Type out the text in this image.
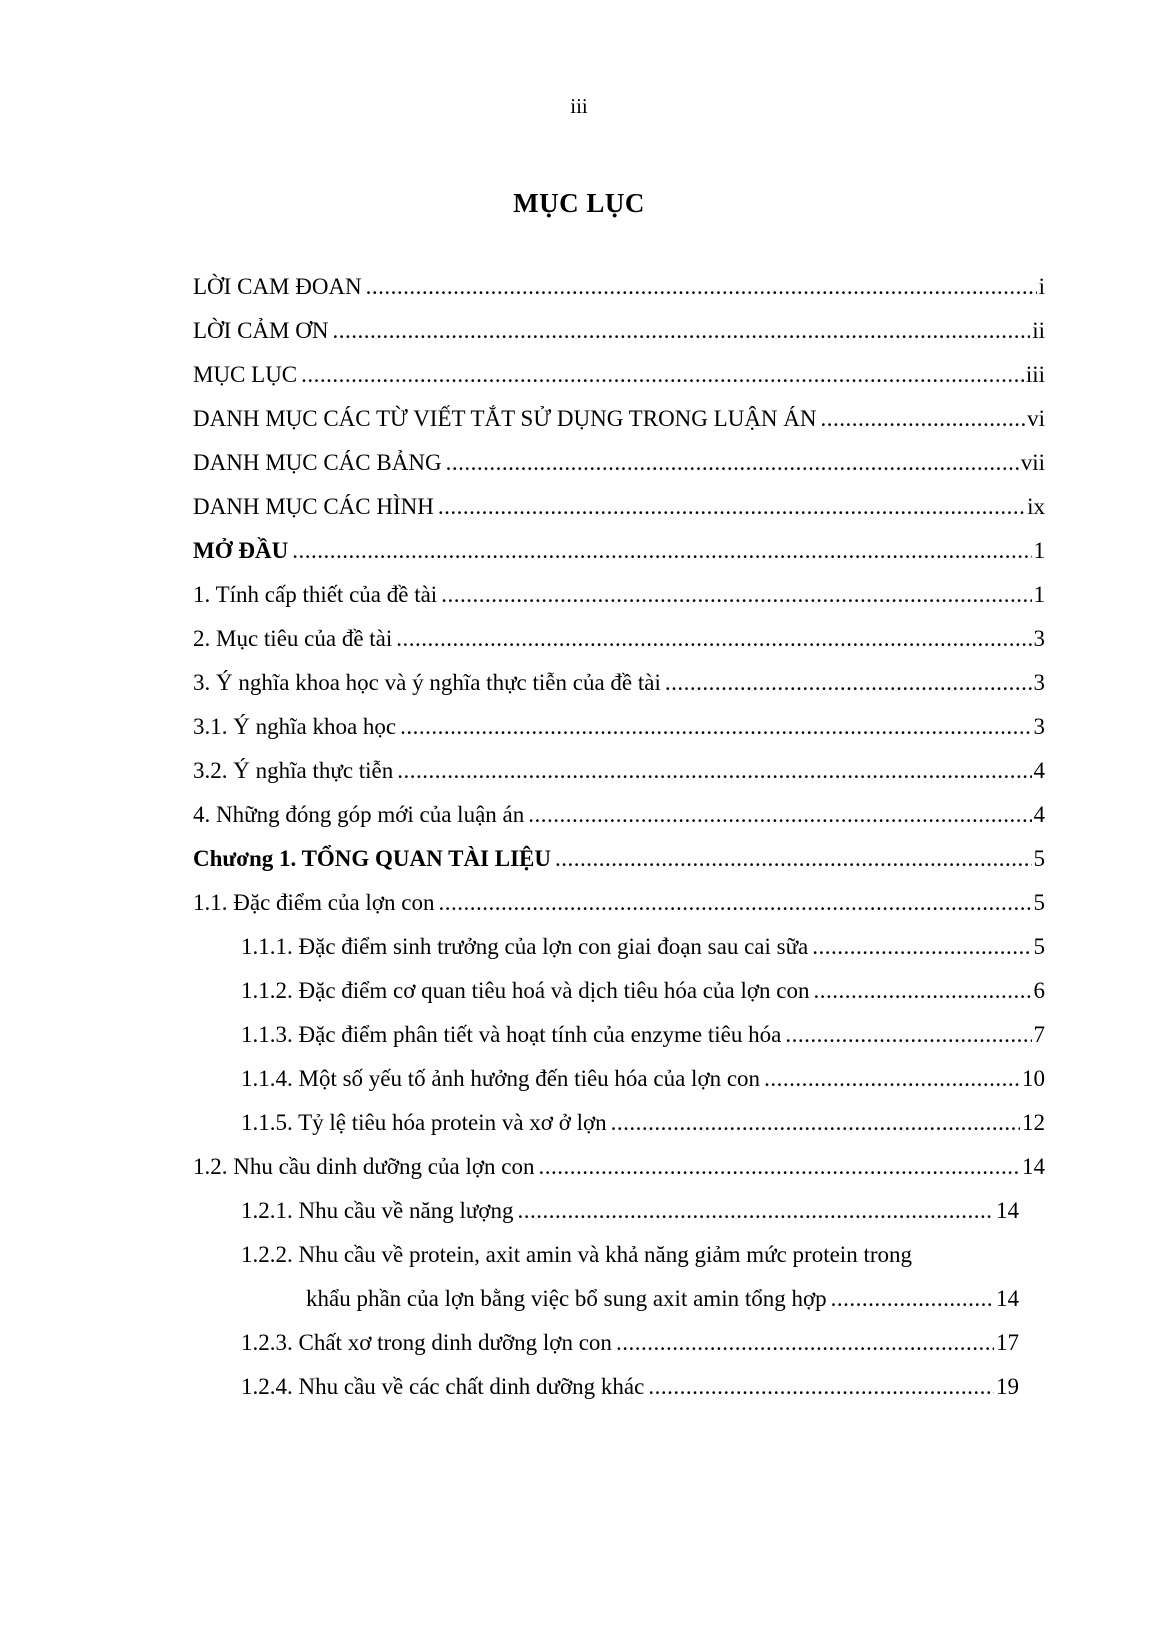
iii
MỤC LỤC
LỜI CAM ĐOAN .....	i
LỜI CẢM ƠN .....	ii
MỤC LỤC .....	iii
DANH MỤC CÁC TỪ VIẾT TẮT SỬ DỤNG TRONG LUẬN ÁN .....	vi
DANH MỤC CÁC BẢNG .....	vii
DANH MỤC CÁC HÌNH .....	ix
MỞ ĐẦU .....	1
1. Tính cấp thiết của đề tài .....	1
2. Mục tiêu của đề tài .....	3
3. Ý nghĩa khoa học và ý nghĩa thực tiễn của đề tài .....	3
3.1. Ý nghĩa khoa học .....	3
3.2. Ý nghĩa thực tiễn .....	4
4. Những đóng góp mới của luận án .....	4
Chương 1. TỔNG QUAN TÀI LIỆU .....	5
1.1. Đặc điểm của lợn con .....	5
1.1.1. Đặc điểm sinh trưởng của lợn con giai đoạn sau cai sữa .....	5
1.1.2. Đặc điểm cơ quan tiêu hoá và dịch tiêu hóa của lợn con .....	6
1.1.3. Đặc điểm phân tiết và hoạt tính của enzyme tiêu hóa .....	7
1.1.4. Một số yếu tố ảnh hưởng đến tiêu hóa của lợn con .....	10
1.1.5. Tỷ lệ tiêu hóa protein và xơ ở lợn .....	12
1.2. Nhu cầu dinh dưỡng của lợn con .....	14
1.2.1. Nhu cầu về năng lượng .....	14
1.2.2. Nhu cầu về protein, axit amin và khả năng giảm mức protein trong
khẩu phần của lợn bằng việc bổ sung axit amin tổng hợp .....	14
1.2.3. Chất xơ trong dinh dưỡng lợn con .....	17
1.2.4. Nhu cầu về các chất dinh dưỡng khác .....	19
